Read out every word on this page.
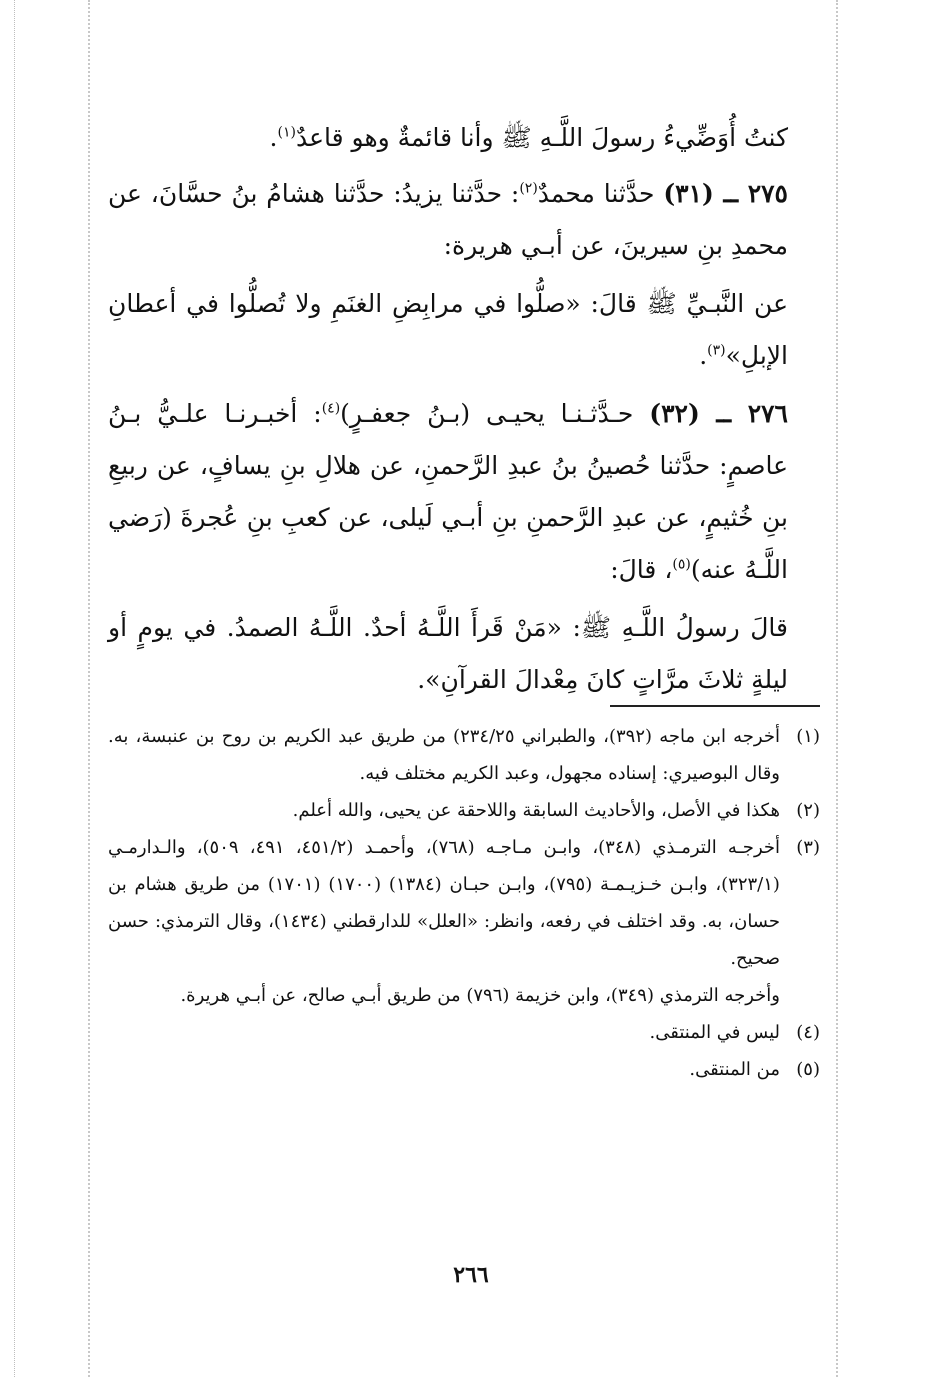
كنتُ أُوَضِّيءُ رسولَ اللَّـهِ ﷺ وأنا قائمةٌ وهو قاعدٌ$^{(١)}$.

٢٧٥ ــ (٣١) حدَّثنا محمدٌ$^{(٢)}$: حدَّثنا يزيدُ: حدَّثنا هشامُ بنُ حسَّانَ، عن محمدِ بنِ سيرينَ، عن أبـي هريرة:

عن النَّبـيِّ ﷺ قالَ: «صلُّوا في مرابِضِ الغنَمِ ولا تُصلُّوا في أعطانِ الإبلِ»$^{(٣)}$.

٢٧٦ ــ (٣٢) حـدَّثـنـا يحيـى (بـنُ جعفـرٍ)$^{(٤)}$: أخبـرنـا علـيُّ بـنُ عاصمٍ: حدَّثنا حُصينُ بنُ عبدِ الرَّحمنِ، عن هلالِ بنِ يسافٍ، عن ربيعِ بنِ خُثيمٍ، عن عبدِ الرَّحمنِ بنِ أبـي لَيلى، عن كعبِ بنِ عُجرةَ (رَضي اللَّـهُ عنه)$^{(٥)}$، قالَ:

قالَ رسولُ اللَّـهِ ﷺ: «مَنْ قَرأَ اللَّـهُ أحدٌ. اللَّـهُ الصمدُ. في يومٍ أو ليلةٍ ثلاثَ مرَّاتٍ كانَ مِعْدالَ القرآنِ».

(١)
أخرجه ابن ماجه (٣٩٢)، والطبراني ٢٣٤/٢٥) من طريق عبد الكريم بن روح بن عنبسة، به. وقال البوصيري: إسناده مجهول، وعبد الكريم مختلف فيه.
(٢)
هكذا في الأصل، والأحاديث السابقة واللاحقة عن يحيى، والله أعلم.
(٣)
أخرجـه الترمـذي (٣٤٨)، وابـن مـاجـه (٧٦٨)، وأحمـد (٤٥١/٢، ٤٩١، ٥٠٩)، والـدارمـي (٣٢٣/١)، وابـن خـزيـمـة (٧٩٥)، وابـن حبـان (١٣٨٤) (١٧٠٠) (١٧٠١) من طريق هشام بن حسان، به. وقد اختلف في رفعه، وانظر: «العلل» للدارقطني (١٤٣٤)، وقال الترمذي: حسن صحيح.

وأخرجه الترمذي (٣٤٩)، وابن خزيمة (٧٩٦) من طريق أبـي صالح، عن أبـي هريرة.

(٤)
ليس في المنتقى.
(٥)
من المنتقى.
٢٦٦
